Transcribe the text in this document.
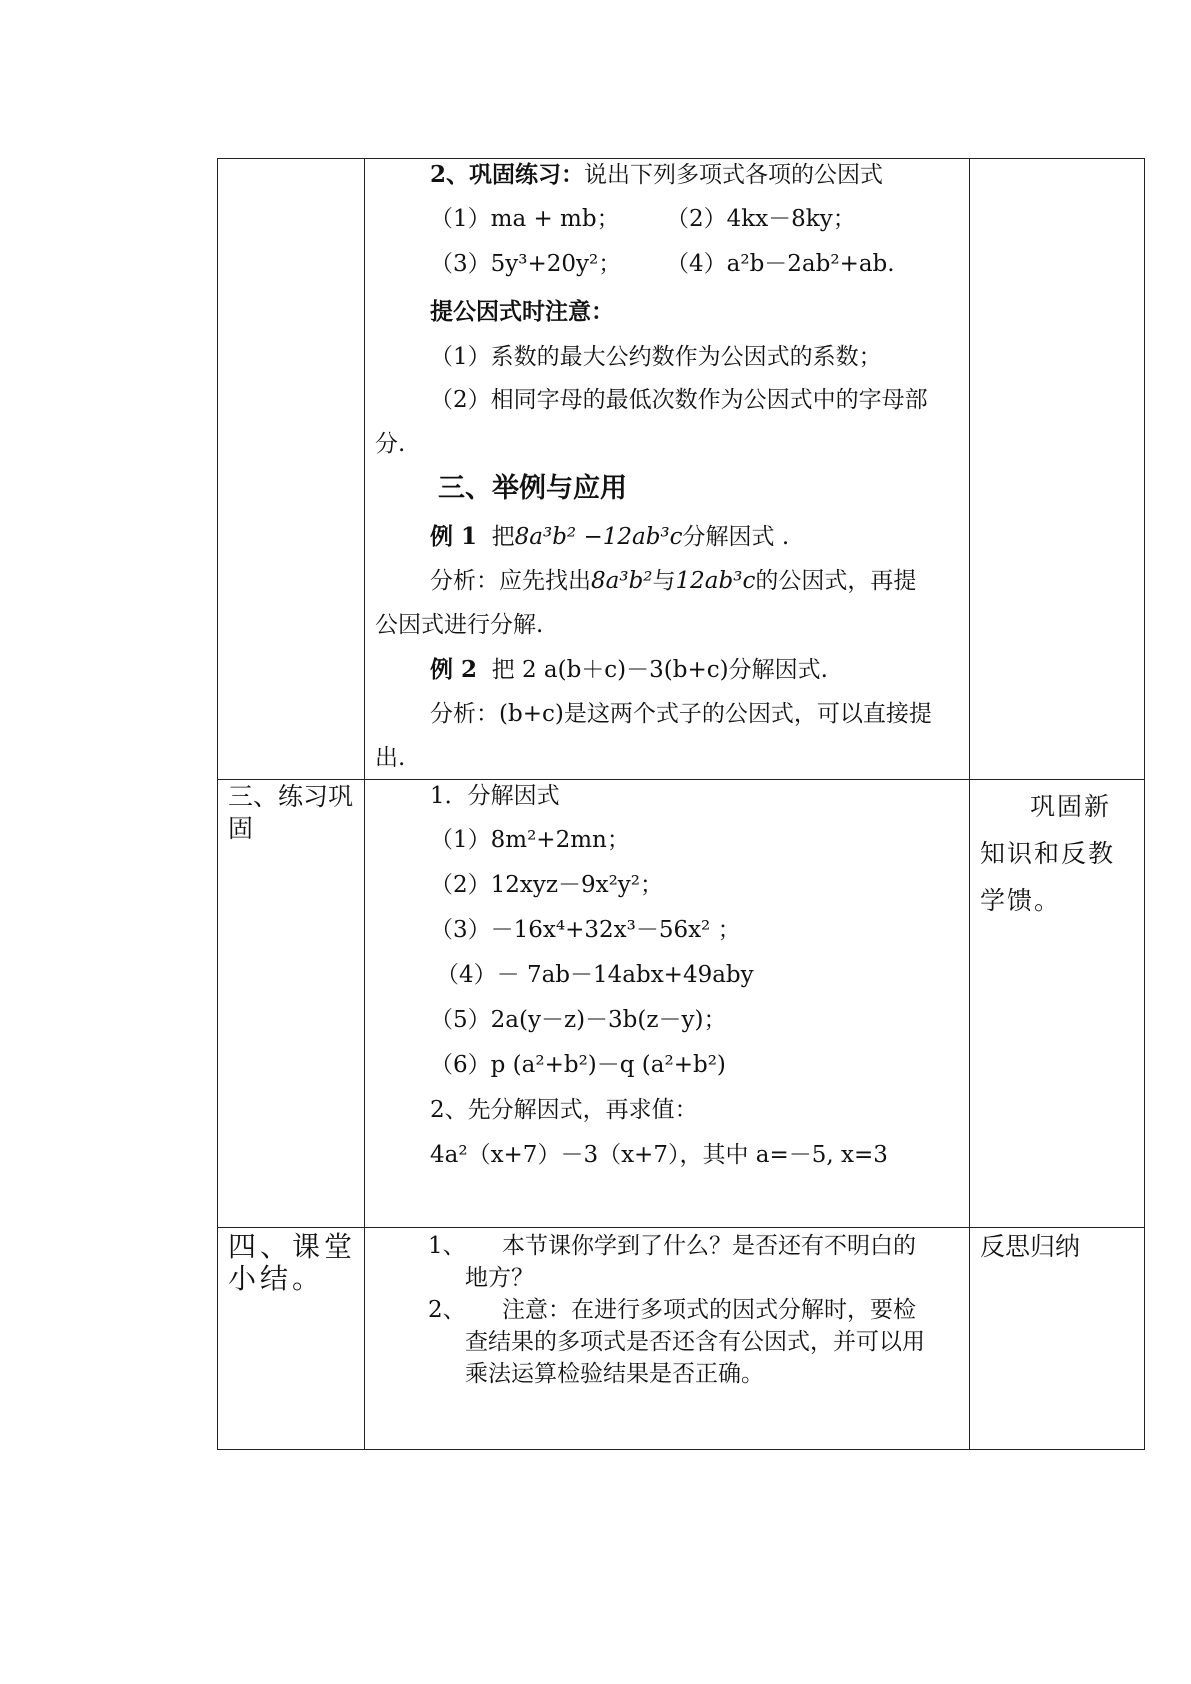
2、巩固练习：说出下列多项式各项的公因式
（1）ma + mb； （2）4kx－8ky；
（3）5y³+20y²； （4）a²b－2ab²+ab.
提公因式时注意：
（1）系数的最大公约数作为公因式的系数；
（2）相同字母的最低次数作为公因式中的字母部
分.
三、举例与应用
例 1 把8a³b² −12ab³c分解因式 .
分析：应先找出8a³b²与12ab³c的公因式，再提
公因式进行分解.
例 2 把 2 a(b＋c)－3(b+c)分解因式.
分析：(b+c)是这两个式子的公因式，可以直接提
出.
三、练习巩固
1．分解因式
（1）8m²+2mn；
（2）12xyz－9x²y²；
（3）－16x⁴+32x³－56x² ；
（4）－ 7ab－14abx+49aby
（5）2a(y－z)－3b(z－y)；
（6）p (a²+b²)－q (a²+b²)
2、先分解因式，再求值：
4a²（x+7）－3（x+7），其中 a=－5, x=3
巩固新知识和反教学馈。
四、课堂小结。
1、 本节课你学到了什么？是否还有不明白的
地方？
2、 注意：在进行多项式的因式分解时，要检
查结果的多项式是否还含有公因式，并可以用
乘法运算检验结果是否正确。
反思归纳
